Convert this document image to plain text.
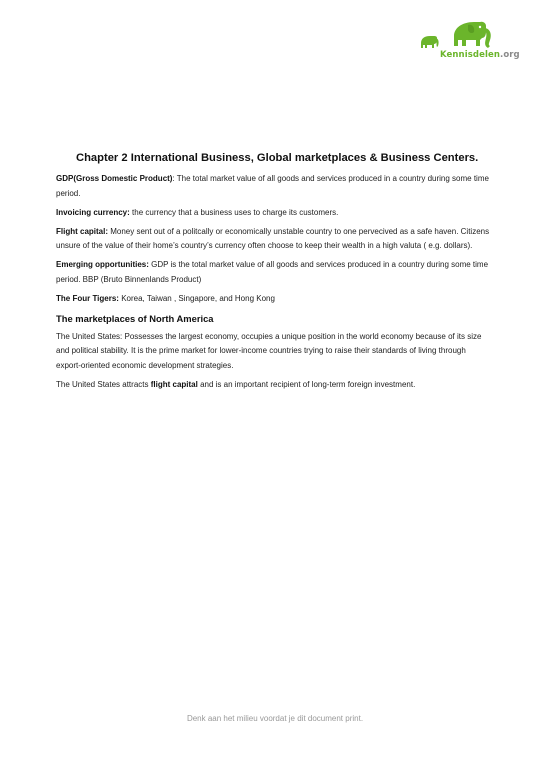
Kennisdelen.org
Chapter 2 International Business, Global marketplaces & Business Centers.
GDP(Gross Domestic Product): The total market value of all goods and services produced in a country during some time period.
Invoicing currency: the currency that a business uses to charge its customers.
Flight capital: Money sent out of a politcally or economically unstable country to one pervecived as a safe haven. Citizens unsure of the value of their home’s country’s currency often choose to keep their wealth in a high valuta ( e.g. dollars).
Emerging opportunities: GDP is the total market value of all goods and services produced in a country during some time period. BBP (Bruto Binnenlands Product)
The Four Tigers: Korea, Taiwan , Singapore, and Hong Kong
The marketplaces of North America
The United States: Possesses the largest economy, occupies a unique position in the world economy because of its size and political stability. It is the prime market for lower-income countries trying to raise their standards of living through export-oriented economic development strategies.
The United States attracts flight capital and is an important recipient of long-term foreign investment.
Denk aan het milieu voordat je dit document print.
